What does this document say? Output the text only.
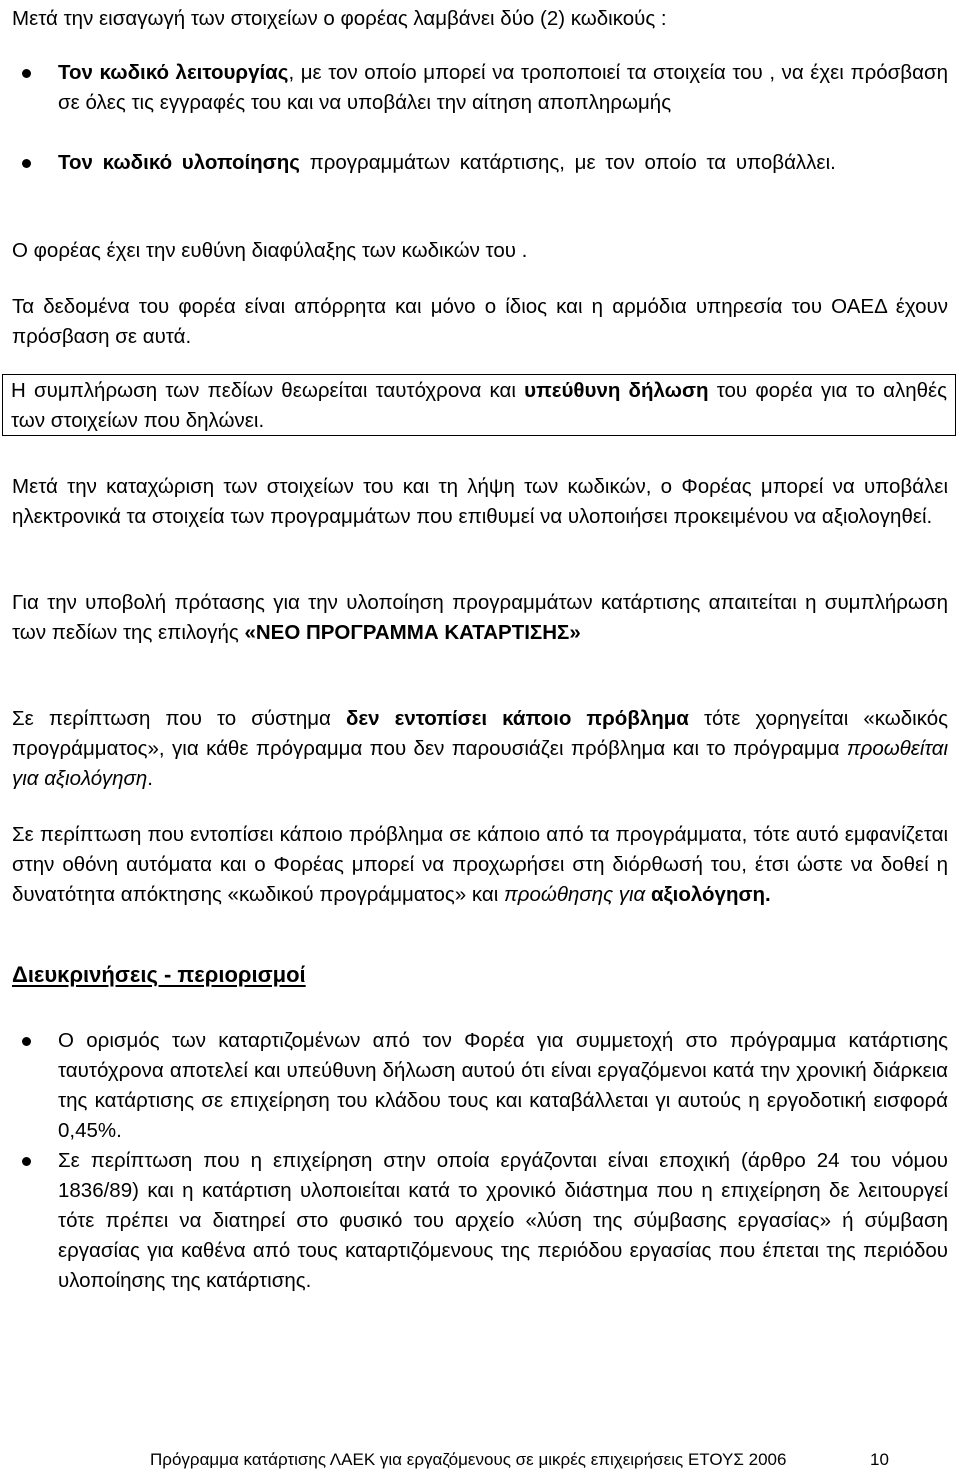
Μετά την εισαγωγή των στοιχείων ο φορέας λαμβάνει δύο (2) κωδικούς :

Τον κωδικό λειτουργίας, με τον οποίο μπορεί να τροποποιεί τα στοιχεία του , να έχει πρόσβαση σε όλες τις εγγραφές του και να υποβάλει την αίτηση αποπληρωμής
Τον κωδικό υλοποίησης προγραμμάτων κατάρτισης, με τον οποίο τα υποβάλλει.

Ο φορέας έχει την ευθύνη διαφύλαξης των κωδικών του .

Τα δεδομένα του φορέα είναι απόρρητα και μόνο ο ίδιος και η αρμόδια υπηρεσία του ΟΑΕΔ έχουν πρόσβαση σε αυτά.

Η συμπλήρωση των πεδίων θεωρείται ταυτόχρονα και υπεύθυνη δήλωση του φορέα για το αληθές των στοιχείων που δηλώνει.

Μετά την καταχώριση των στοιχείων του και τη λήψη των κωδικών, ο Φορέας μπορεί να υποβάλει ηλεκτρονικά τα στοιχεία των προγραμμάτων που επιθυμεί να υλοποιήσει προκειμένου να αξιολογηθεί.

Για την υποβολή πρότασης για την υλοποίηση προγραμμάτων κατάρτισης απαιτείται η συμπλήρωση των πεδίων της επιλογής «ΝΕΟ ΠΡΟΓΡΑΜΜΑ ΚΑΤΑΡΤΙΣΗΣ»

Σε περίπτωση που το σύστημα δεν εντοπίσει κάποιο πρόβλημα τότε χορηγείται «κωδικός προγράμματος», για κάθε πρόγραμμα που δεν παρουσιάζει πρόβλημα και το πρόγραμμα προωθείται για αξιολόγηση.

Σε περίπτωση που εντοπίσει κάποιο πρόβλημα σε κάποιο από τα προγράμματα, τότε αυτό εμφανίζεται στην οθόνη αυτόματα και ο Φορέας μπορεί να προχωρήσει στη διόρθωσή του, έτσι ώστε να δοθεί η δυνατότητα απόκτησης «κωδικού προγράμματος» και προώθησης για αξιολόγηση.

Διευκρινήσεις - περιορισμοί
Ο ορισμός των καταρτιζομένων από τον Φορέα για συμμετοχή στο πρόγραμμα κατάρτισης ταυτόχρονα αποτελεί και υπεύθυνη δήλωση αυτού ότι είναι εργαζόμενοι κατά την χρονική διάρκεια της κατάρτισης σε επιχείρηση του κλάδου τους και καταβάλλεται γι αυτούς η εργοδοτική εισφορά 0,45%.
Σε περίπτωση που η επιχείρηση στην οποία εργάζονται είναι εποχική (άρθρο 24 του νόμου 1836/89) και η κατάρτιση υλοποιείται κατά το χρονικό διάστημα που η επιχείρηση δε λειτουργεί τότε πρέπει να διατηρεί στο φυσικό του αρχείο «λύση της σύμβασης εργασίας» ή σύμβαση εργασίας για καθένα από τους καταρτιζόμενους της περιόδου εργασίας που έπεται της περιόδου υλοποίησης της κατάρτισης.
Πρόγραμμα κατάρτισης ΛΑΕΚ για εργαζόμενους σε μικρές επιχειρήσεις ΕΤΟΥΣ 2006	10
